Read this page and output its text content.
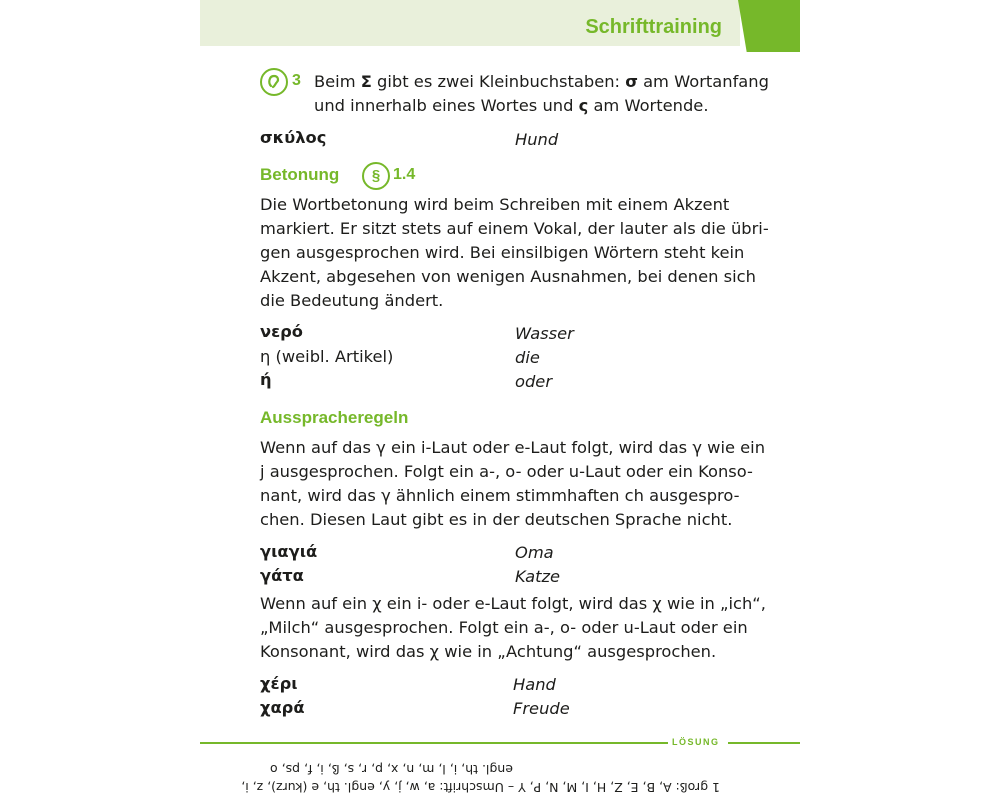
Schrifttraining
3 Beim Σ gibt es zwei Kleinbuchstaben: σ am Wortanfang
und innerhalb eines Wortes und ς am Wortende.
σκύλος	Hund
Betonung	§ 1.4
Die Wortbetonung wird beim Schreiben mit einem Akzent
markiert. Er sitzt stets auf einem Vokal, der lauter als die übri-
gen ausgesprochen wird. Bei einsilbigen Wörtern steht kein
Akzent, abgesehen von wenigen Ausnahmen, bei denen sich
die Bedeutung ändert.
νερό	Wasser
η (weibl. Artikel)	die
ή	oder
Ausspracheregeln
Wenn auf das γ ein i-Laut oder e-Laut folgt, wird das γ wie ein
j ausgesprochen. Folgt ein a-, o- oder u-Laut oder ein Konso-
nant, wird das γ ähnlich einem stimmhaften ch ausgespro-
chen. Diesen Laut gibt es in der deutschen Sprache nicht.
γιαγιά	Oma
γάτα	Katze
Wenn auf ein χ ein i- oder e-Laut folgt, wird das χ wie in „ich“,
„Milch“ ausgesprochen. Folgt ein a-, o- oder u-Laut oder ein
Konsonant, wird das χ wie in „Achtung“ ausgesprochen.
χέρι	Hand
χαρά	Freude
LÖSUNG
1 groß: A, B, E, Z, H, I, M, N, P, Y – Umschrift: a, w, j, y, engl. th, e (kurz), z, i,
engl. th, i, l, m, n, x, p, r, s, ß, i, f, ps, o
